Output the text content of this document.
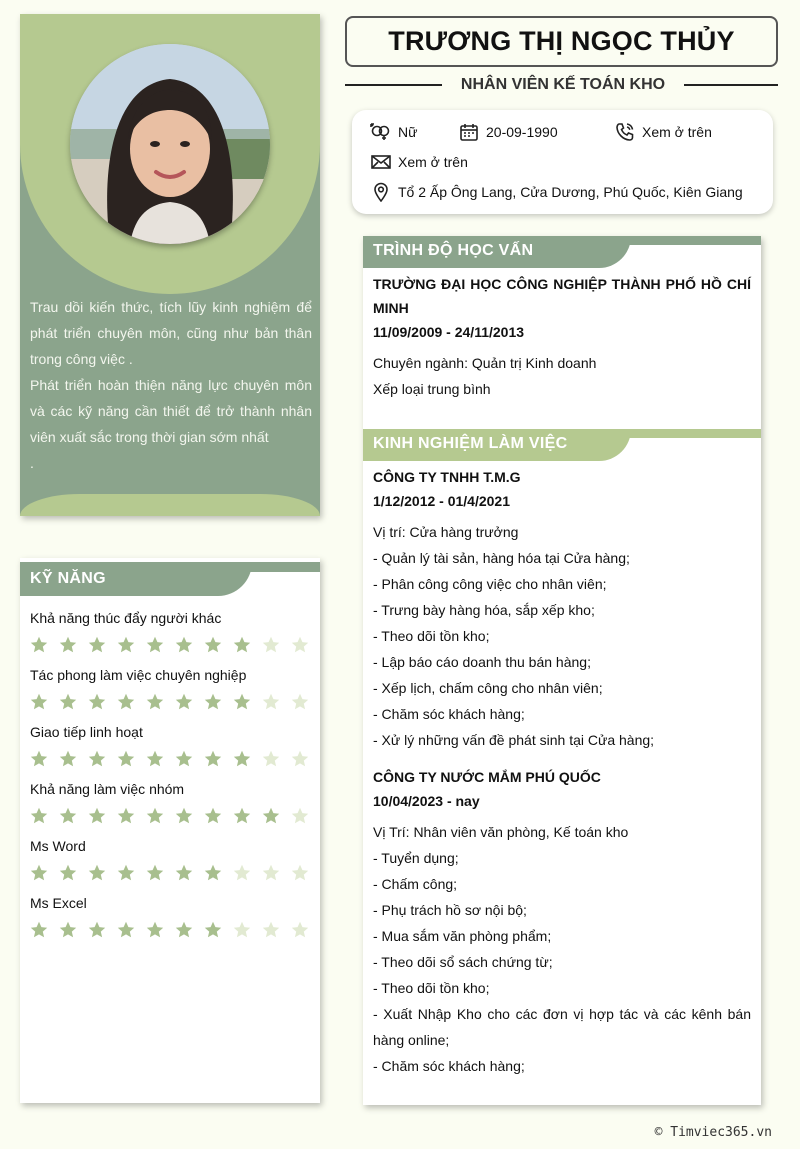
Trau dồi kiến thức, tích lũy kinh nghiệm để phát triển chuyên môn, cũng như bản thân trong công việc .

Phát triển hoàn thiện năng lực chuyên môn và các kỹ năng cần thiết để trở thành nhân viên xuất sắc trong thời gian sớm nhất

.

KỸ NĂNG
Khả năng thúc đẩy người khác
Tác phong làm việc chuyên nghiệp
Giao tiếp linh hoạt
Khả năng làm việc nhóm
Ms Word
Ms Excel
TRƯƠNG THỊ NGỌC THỦY
NHÂN VIÊN KẾ TOÁN KHO
Nữ	20-09-1990	Xem ở trên
Xem ở trên
Tổ 2 Ấp Ông Lang, Cửa Dương, Phú Quốc, Kiên Giang
TRÌNH ĐỘ HỌC VẤN
TRƯỜNG ĐẠI HỌC CÔNG NGHIỆP THÀNH PHỐ HỒ CHÍ MINH
11/09/2009 - 24/11/2013
Chuyên ngành: Quản trị Kinh doanh
Xếp loại trung bình
KINH NGHIỆM LÀM VIỆC
CÔNG TY TNHH T.M.G
1/12/2012 - 01/4/2021
Vị trí: Cửa hàng trưởng
- Quản lý tài sản, hàng hóa tại Cửa hàng;
- Phân công công việc cho nhân viên;
- Trưng bày hàng hóa, sắp xếp kho;
- Theo dõi tồn kho;
- Lập báo cáo doanh thu bán hàng;
- Xếp lịch, chấm công cho nhân viên;
- Chăm sóc khách hàng;
- Xử lý những vấn đề phát sinh tại Cửa hàng;
CÔNG TY NƯỚC MẮM PHÚ QUỐC
10/04/2023 - nay
Vị Trí: Nhân viên văn phòng, Kế toán kho
- Tuyển dụng;
- Chấm công;
- Phụ trách hồ sơ nội bộ;
- Mua sắm văn phòng phẩm;
- Theo dõi sổ sách chứng từ;
- Theo dõi tồn kho;
- Xuất Nhập Kho cho các đơn vị hợp tác và các kênh bán hàng online;
- Chăm sóc khách hàng;
© Timviec365.vn
